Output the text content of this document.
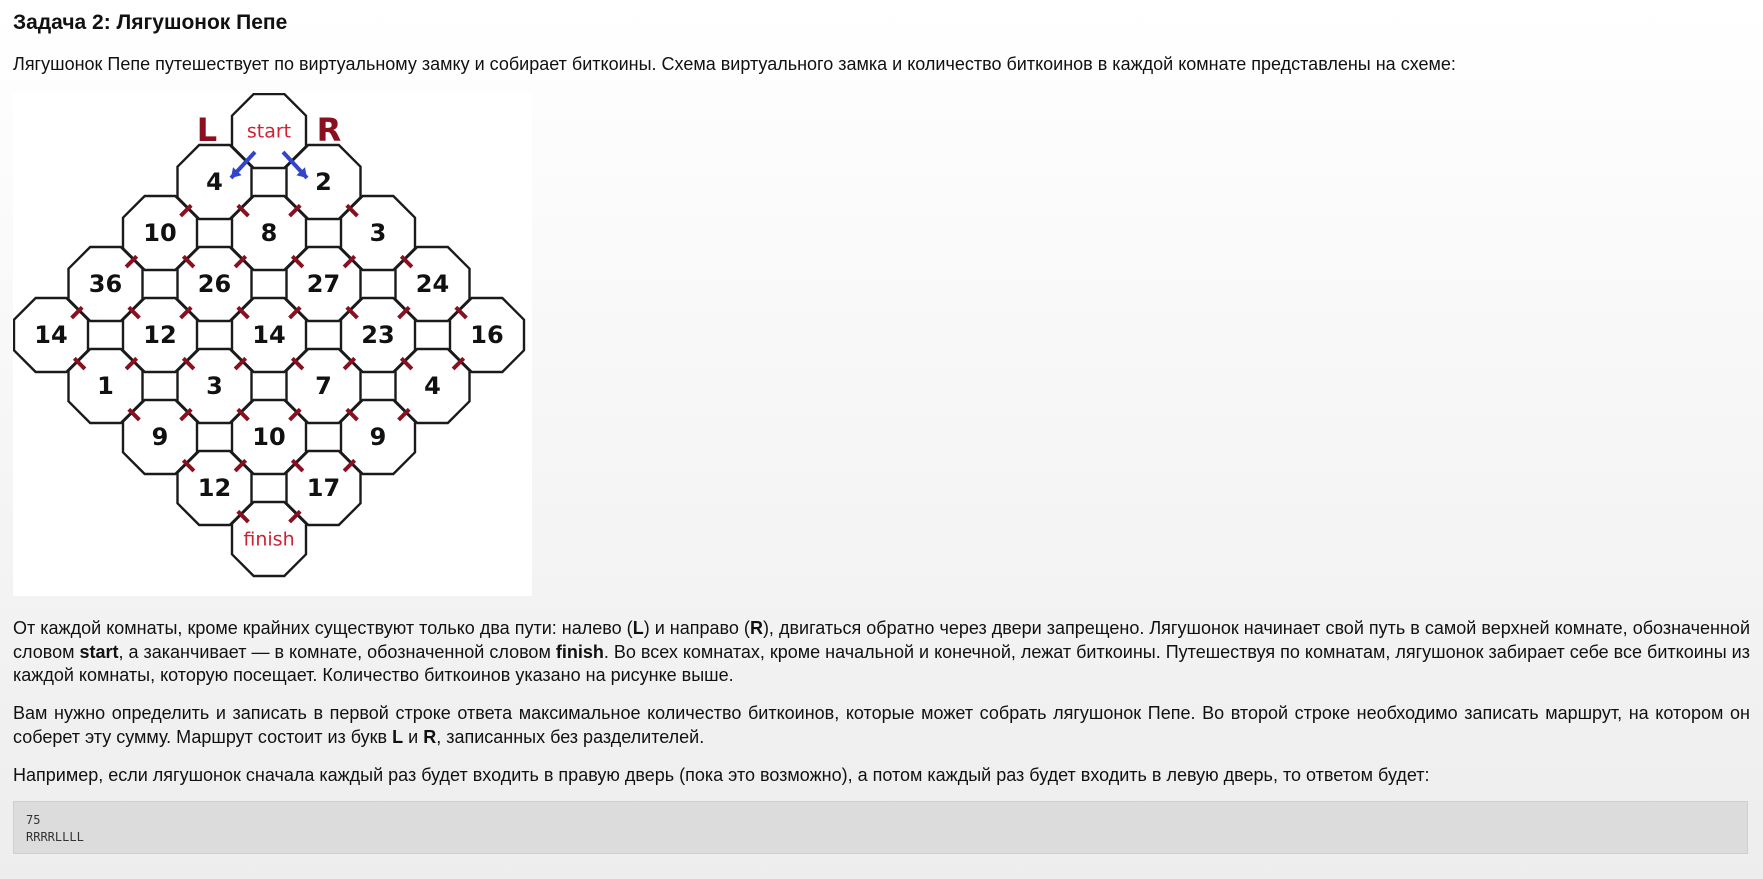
Задача 2: Лягушонок Пепе

Лягушонок Пепе путешествует по виртуальному замку и собирает биткоины. Схема виртуального замка и количество биткоинов в каждой комнате представлены на схеме:

start
4	2
10	8	3
36	26	27	24
14	12	14	23	16
1	3	7	4
9	10	9
12	17
finish
L	R

От каждой комнаты, кроме крайних существуют только два пути: налево (L) и направо (R), двигаться обратно через двери запрещено. Лягушонок начинает свой путь в самой верхней комнате, обозначенной словом start, а заканчивает — в комнате, обозначенной словом finish. Во всех комнатах, кроме начальной и конечной, лежат биткоины. Путешествуя по комнатам, лягушонок забирает себе все биткоины из каждой комнаты, которую посещает. Количество биткоинов указано на рисунке выше.

Вам нужно определить и записать в первой строке ответа максимальное количество биткоинов, которые может собрать лягушонок Пепе. Во второй строке необходимо записать маршрут, на котором он соберет эту сумму. Маршрут состоит из букв L и R, записанных без разделителей.

Например, если лягушонок сначала каждый раз будет входить в правую дверь (пока это возможно), а потом каждый раз будет входить в левую дверь, то ответом будет:

75
RRRRLLLL
